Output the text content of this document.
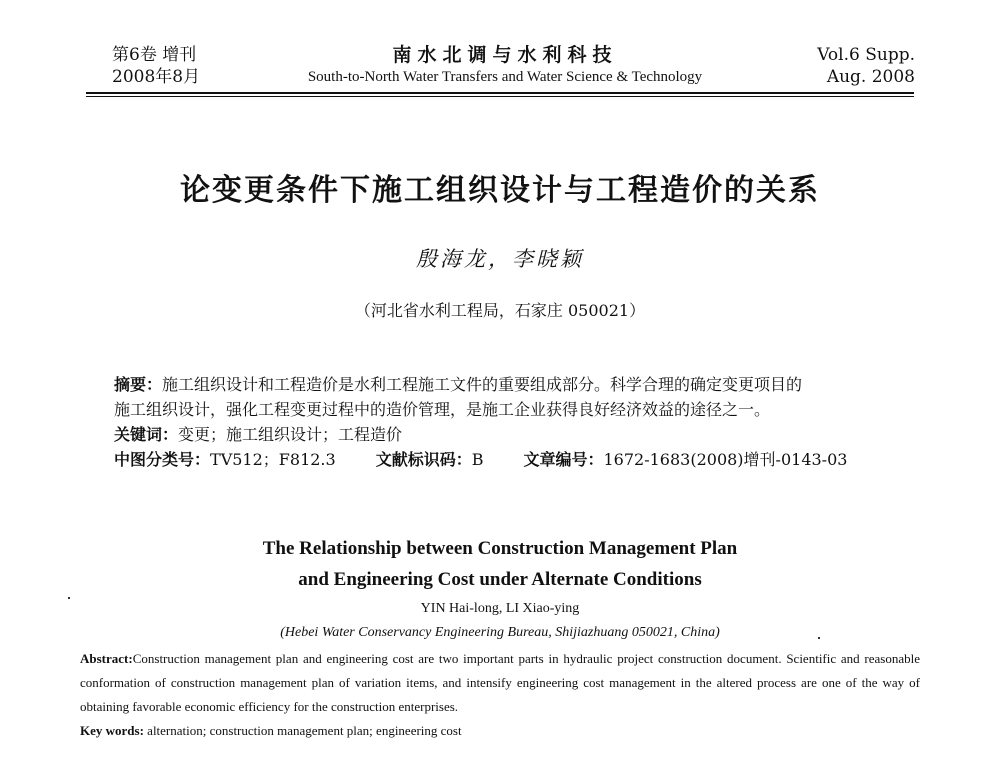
第6卷 增刊
2008年8月
南水北调与水利科技
South-to-North Water Transfers and Water Science & Technology
Vol.6 Supp.
Aug. 2008
论变更条件下施工组织设计与工程造价的关系
殷海龙，李晓颖
（河北省水利工程局，石家庄 050021）

摘要：施工组织设计和工程造价是水利工程施工文件的重要组成部分。科学合理的确定变更项目的

施工组织设计，强化工程变更过程中的造价管理，是施工企业获得良好经济效益的途径之一。

关键词：变更；施工组织设计；工程造价

中图分类号：TV512；F812.3	文献标识码：B	文章编号：1672-1683(2008)增刊-0143-03

The Relationship between Construction Management Plan
and Engineering Cost under Alternate Conditions
YIN Hai-long, LI Xiao-ying
(Hebei Water Conservancy Engineering Bureau, Shijiazhuang 050021, China)

Abstract:Construction management plan and engineering cost are two important parts in hydraulic project construction document. Scientific and reasonable conformation of construction management plan of variation items, and intensify engineering cost management in the altered process are one of the way of obtaining favorable economic efficiency for the construction enterprises.

Key words: alternation; construction management plan; engineering cost
